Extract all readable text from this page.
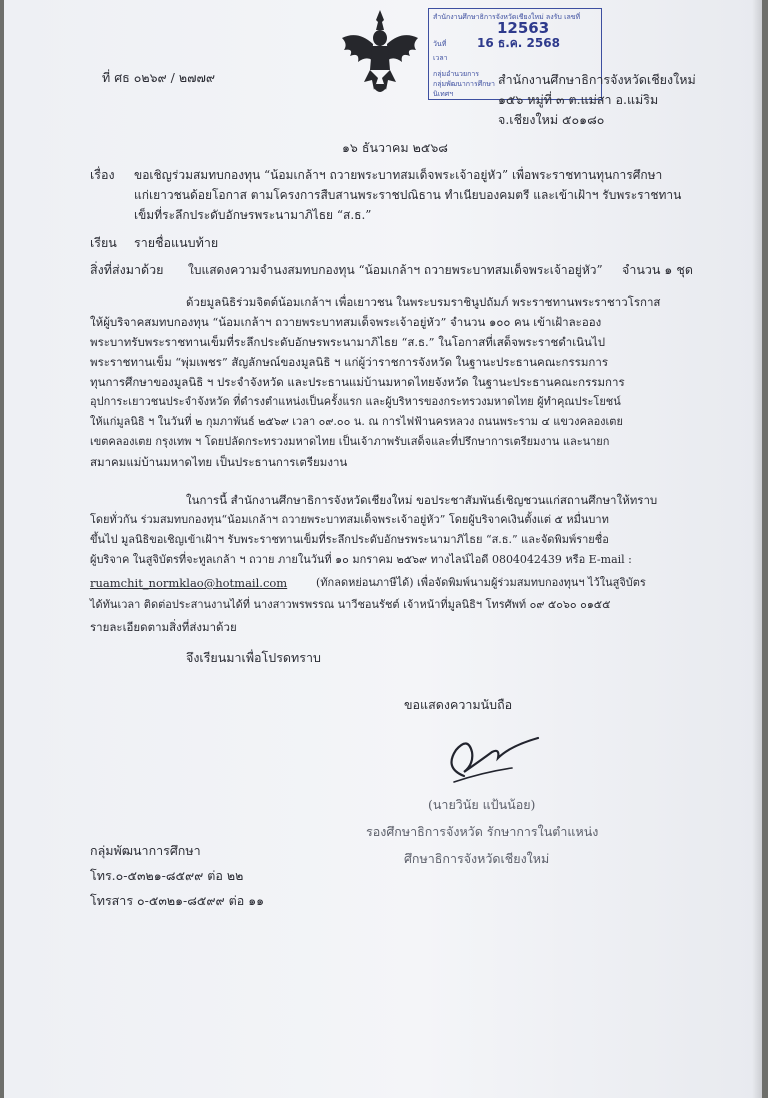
สำนักงานศึกษาธิการจังหวัดเชียงใหม่ ลงรับ เลขที่
12563
วันที่	16 ธ.ค. 2568
เวลา
กลุ่มอำนวยการ
กลุ่มพัฒนาการศึกษา
นิเทศฯ
ที่ ศธ ๐๒๖๙ / ๒๗๗๙	สำนักงานศึกษาธิการจังหวัดเชียงใหม่
๑๕๖ หมู่ที่ ๓ ต.แม่สา อ.แม่ริม
จ.เชียงใหม่ ๕๐๑๘๐
๑๖ ธันวาคม ๒๕๖๘
เรื่อง ขอเชิญร่วมสมทบกองทุน “น้อมเกล้าฯ ถวายพระบาทสมเด็จพระเจ้าอยู่หัว” เพื่อพระราชทานทุนการศึกษา
แก่เยาวชนด้อยโอกาส ตามโครงการสืบสานพระราชปณิธาน ทำเนียบองคมตรี และเข้าเฝ้าฯ รับพระราชทาน
เข็มที่ระลึกประดับอักษรพระนามาภิไธย “ส.ธ.”
เรียน รายชื่อแนบท้าย
สิ่งที่ส่งมาด้วย ใบแสดงความจำนงสมทบกองทุน “น้อมเกล้าฯ ถวายพระบาทสมเด็จพระเจ้าอยู่หัว” จำนวน ๑ ชุด
ด้วยมูลนิธิร่วมจิตต์น้อมเกล้าฯ เพื่อเยาวชน ในพระบรมราชินูปถัมภ์ พระราชทานพระราชาวโรกาส
ให้ผู้บริจาคสมทบกองทุน “น้อมเกล้าฯ ถวายพระบาทสมเด็จพระเจ้าอยู่หัว” จำนวน ๑๐๐ คน เข้าเฝ้าละออง
พระบาทรับพระราชทานเข็มที่ระลึกประดับอักษรพระนามาภิไธย “ส.ธ.” ในโอกาสที่เสด็จพระราชดำเนินไป
พระราชทานเข็ม “พุ่มเพชร” สัญลักษณ์ของมูลนิธิ ฯ แก่ผู้ว่าราชการจังหวัด ในฐานะประธานคณะกรรมการ
ทุนการศึกษาของมูลนิธิ ฯ ประจำจังหวัด และประธานแม่บ้านมหาดไทยจังหวัด ในฐานะประธานคณะกรรมการ
อุปการะเยาวชนประจำจังหวัด ที่ดำรงตำแหน่งเป็นครั้งแรก และผู้บริหารของกระทรวงมหาดไทย ผู้ทำคุณประโยชน์
ให้แก่มูลนิธิ ฯ ในวันที่ ๒ กุมภาพันธ์ ๒๕๖๙ เวลา ๐๙.๐๐ น. ณ การไฟฟ้านครหลวง ถนนพระราม ๔ แขวงคลองเตย
เขตคลองเตย กรุงเทพ ฯ โดยปลัดกระทรวงมหาดไทย เป็นเจ้าภาพรับเสด็จและที่ปรึกษาการเตรียมงาน และนายก
สมาคมแม่บ้านมหาดไทย เป็นประธานการเตรียมงาน
ในการนี้ สำนักงานศึกษาธิการจังหวัดเชียงใหม่ ขอประชาสัมพันธ์เชิญชวนแก่สถานศึกษาให้ทราบ
โดยทั่วกัน ร่วมสมทบกองทุน“น้อมเกล้าฯ ถวายพระบาทสมเด็จพระเจ้าอยู่หัว” โดยผู้บริจาคเงินตั้งแต่ ๕ หมื่นบาท
ขึ้นไป มูลนิธิขอเชิญเข้าเฝ้าฯ รับพระราชทานเข็มที่ระลึกประดับอักษรพระนามาภิไธย “ส.ธ.” และจัดพิมพ์รายชื่อ
ผู้บริจาค ในสูจิบัตรที่จะทูลเกล้า ฯ ถวาย ภายในวันที่ ๑๐ มกราคม ๒๕๖๙ ทางไลน์ไอดี 0804042439 หรือ E-mail :
ruamchit_normklao@hotmail.com	(ทักลดหย่อนภาษีได้) เพื่อจัดพิมพ์นามผู้ร่วมสมทบกองทุนฯ ไว้ในสูจิบัตร
ได้ทันเวลา ติดต่อประสานงานได้ที่ นางสาวพรพรรณ นาวีชอนรัชต์ เจ้าหน้าที่มูลนิธิฯ โทรศัพท์ ๐๙ ๕๐๖๐ ๐๑๕๕
รายละเอียดตามสิ่งที่ส่งมาด้วย
จึงเรียนมาเพื่อโปรดทราบ
ขอแสดงความนับถือ
(นายวินัย แป้นน้อย)
รองศึกษาธิการจังหวัด รักษาการในตำแหน่ง
ศึกษาธิการจังหวัดเชียงใหม่
กลุ่มพัฒนาการศึกษา
โทร.๐-๕๓๒๑-๘๕๙๙ ต่อ ๒๒
โทรสาร ๐-๕๓๒๑-๘๕๙๙ ต่อ ๑๑
